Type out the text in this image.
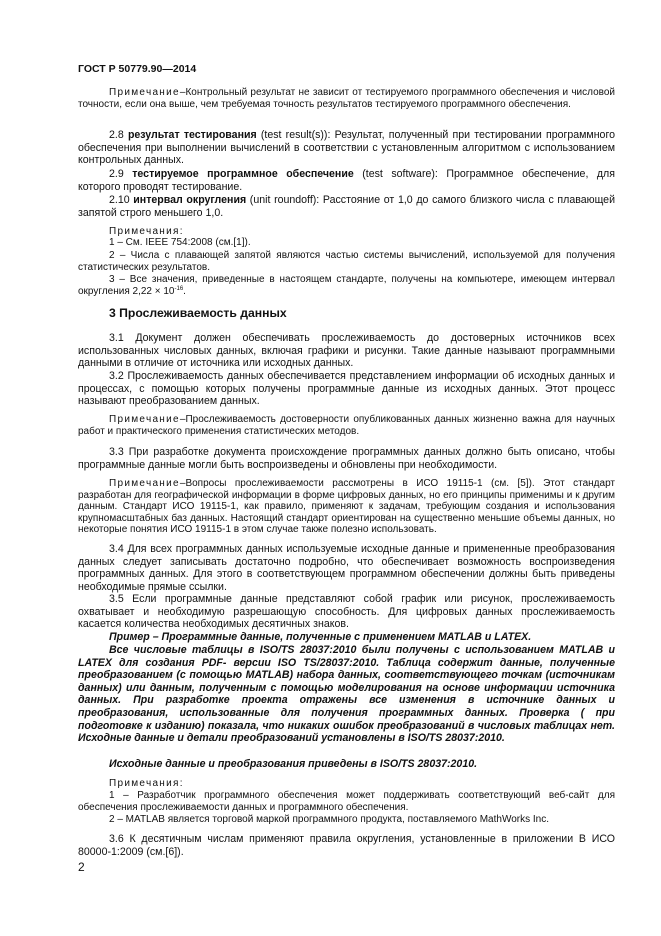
ГОСТ Р 50779.90—2014

Примечание–Контрольный результат не зависит от тестируемого программного обеспечения и числовой точности, если она выше, чем требуемая точность результатов тестируемого программного обеспечения.

2.8 результат тестирования (test result(s)): Результат, полученный при тестировании программного обеспечения при выполнении вычислений в соответствии с установленным алгоритмом с использованием контрольных данных.

2.9 тестируемое программное обеспечение (test software): Программное обеспечение, для которого проводят тестирование.

2.10 интервал округления (unit roundoff): Расстояние от 1,0 до самого близкого числа с плавающей запятой строго меньшего 1,0.

Примечания:

1 – См. IEEE 754:2008 (см.[1]).

2 – Числа с плавающей запятой являются частью системы вычислений, используемой для получения статистических результатов.

3 – Все значения, приведенные в настоящем стандарте, получены на компьютере, имеющем интервал округления $2,22 \times 10^{-16}$.

3 Прослеживаемость данных

3.1 Документ должен обеспечивать прослеживаемость до достоверных источников всех использованных числовых данных, включая графики и рисунки. Такие данные называют программными данными в отличие от источника или исходных данных.

3.2 Прослеживаемость данных обеспечивается представлением информации об исходных данных и процессах, с помощью которых получены программные данные из исходных данных. Этот процесс называют преобразованием данных.

Примечание–Прослеживаемость достоверности опубликованных данных жизненно важна для научных работ и практического применения статистических методов.

3.3 При разработке документа происхождение программных данных должно быть описано, чтобы программные данные могли быть воспроизведены и обновлены при необходимости.

Примечание–Вопросы прослеживаемости рассмотрены в ИСО 19115-1 (см. [5]). Этот стандарт разработан для географической информации в форме цифровых данных, но его принципы применимы и к другим данным. Стандарт ИСО 19115-1, как правило, применяют к задачам, требующим создания и использования крупномасштабных баз данных. Настоящий стандарт ориентирован на существенно меньшие объемы данных, но некоторые понятия ИСО 19115-1 в этом случае также полезно использовать.

3.4 Для всех программных данных используемые исходные данные и примененные преобразования данных следует записывать достаточно подробно, что обеспечивает возможность воспроизведения программных данных. Для этого в соответствующем программном обеспечении должны быть приведены необходимые прямые ссылки.

3.5 Если программные данные представляют собой график или рисунок, прослеживаемость охватывает и необходимую разрешающую способность. Для цифровых данных прослеживаемость касается количества необходимых десятичных знаков.

Пример – Программные данные, полученные с применением MATLAB и LATEX.

Все числовые таблицы в ISO/TS 28037:2010 были получены с использованием MATLAB и LATEX для создания PDF- версии ISO TS/28037:2010. Таблица содержит данные, полученные преобразованием (с помощью MATLAB) набора данных, соответствующего точкам (источникам данных) или данным, полученным с помощью моделирования на основе информации источника данных. При разработке проекта отражены все изменения в источнике данных и преобразования, использованные для получения программных данных. Проверка ( при подготовке к изданию) показала, что никаких ошибок преобразований в числовых таблицах нет. Исходные данные и детали преобразований установлены в ISO/TS 28037:2010.

Исходные данные и преобразования приведены в ISO/TS 28037:2010.

Примечания:

1 – Разработчик программного обеспечения может поддерживать соответствующий веб-сайт для обеспечения прослеживаемости данных и программного обеспечения.

2 – MATLAB является торговой маркой программного продукта, поставляемого MathWorks Inc.

3.6 К десятичным числам применяют правила округления, установленные в приложении В ИСО 80000-1:2009 (см.[6]).

2
